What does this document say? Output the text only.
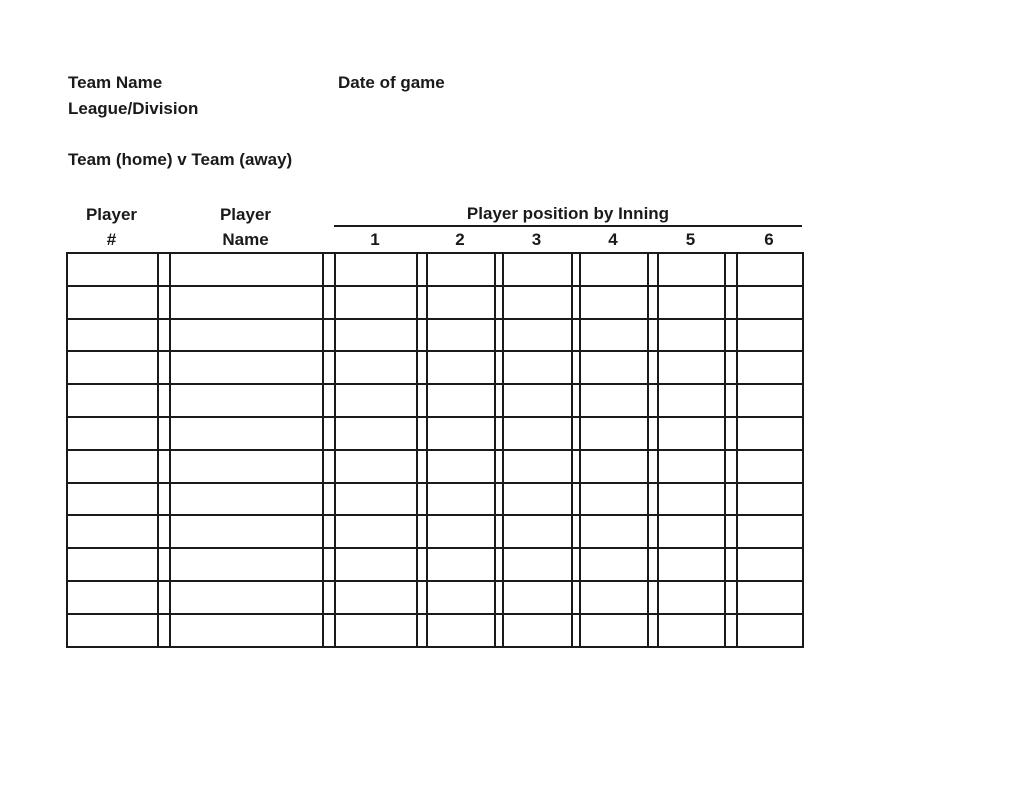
Team Name	Date of game
League/Division
Team (home) v Team (away)
Player	Player	Player position by Inning
#	Name	1	2	3	4	5	6
